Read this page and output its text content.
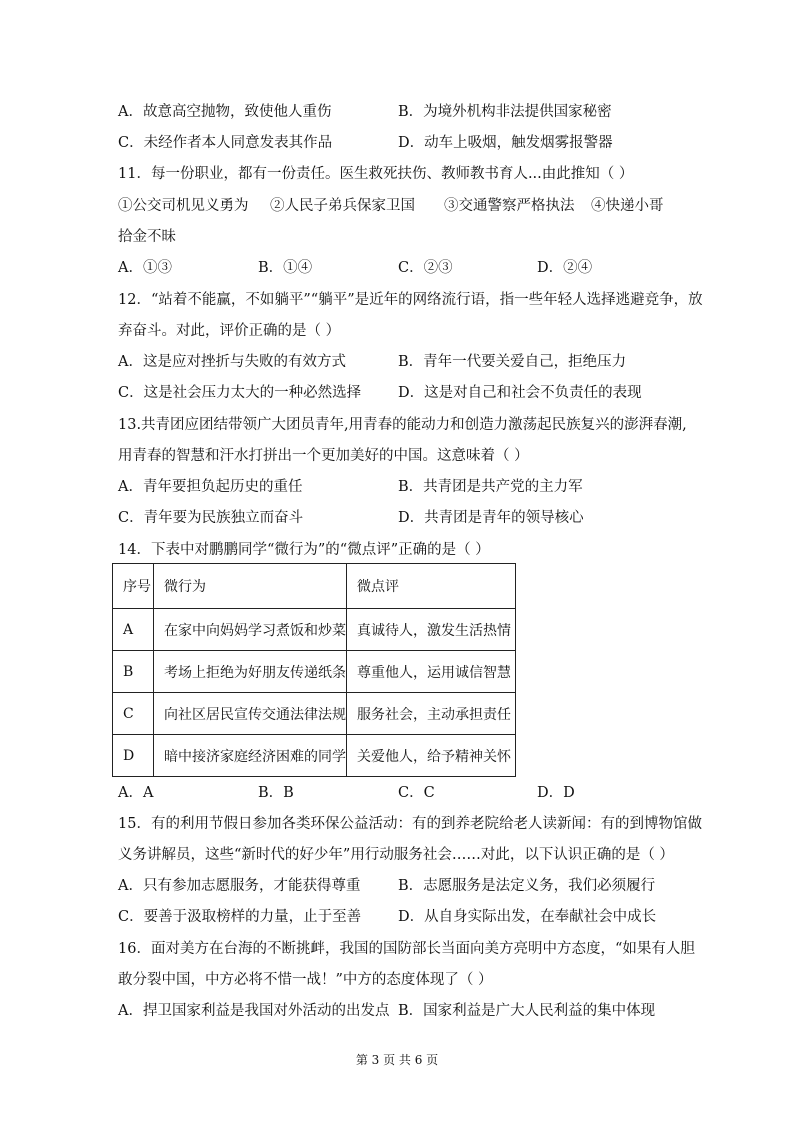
A．故意高空抛物，致使他人重伤	B．为境外机构非法提供国家秘密
C．未经作者本人同意发表其作品	D．动车上吸烟，触发烟雾报警器
11．每一份职业，都有一份责任。医生救死扶伤、教师教书育人...由此推知（ ）
①公交司机见义勇为 ②人民子弟兵保家卫国 ③交通警察严格执法 ④快递小哥
拾金不昧
A．①③	B．①④	C．②③	D．②④
12．“站着不能赢，不如躺平”“躺平”是近年的网络流行语，指一些年轻人选择逃避竞争，放
弃奋斗。对此，评价正确的是（ ）
A．这是应对挫折与失败的有效方式	B．青年一代要关爱自己，拒绝压力
C．这是社会压力太大的一种必然选择	D．这是对自己和社会不负责任的表现
13.共青团应团结带领广大团员青年,用青春的能动力和创造力激荡起民族复兴的澎湃春潮,
用青春的智慧和汗水打拼出一个更加美好的中国。这意味着（ ）
A．青年要担负起历史的重任	B．共青团是共产党的主力军
C．青年要为民族独立而奋斗	D．共青团是青年的领导核心
14．下表中对鹏鹏同学“微行为”的“微点评”正确的是（ ）
序号	微行为	微点评
A	在家中向妈妈学习煮饭和炒菜	真诚待人，激发生活热情
B	考场上拒绝为好朋友传递纸条	尊重他人，运用诚信智慧
C	向社区居民宣传交通法律法规	服务社会，主动承担责任
D	暗中接济家庭经济困难的同学	关爱他人，给予精神关怀
A．A	B．B	C．C	D．D
15．有的利用节假日参加各类环保公益活动：有的到养老院给老人读新闻：有的到博物馆做
义务讲解员，这些“新时代的好少年”用行动服务社会……对此，以下认识正确的是（ ）
A．只有参加志愿服务，才能获得尊重	B．志愿服务是法定义务，我们必须履行
C．要善于汲取榜样的力量，止于至善	D．从自身实际出发，在奉献社会中成长
16．面对美方在台海的不断挑衅，我国的国防部长当面向美方亮明中方态度，“如果有人胆
敢分裂中国，中方必将不惜一战！”中方的态度体现了（ ）
A．捍卫国家利益是我国对外活动的出发点 B．国家利益是广大人民利益的集中体现
第 3 页 共 6 页
